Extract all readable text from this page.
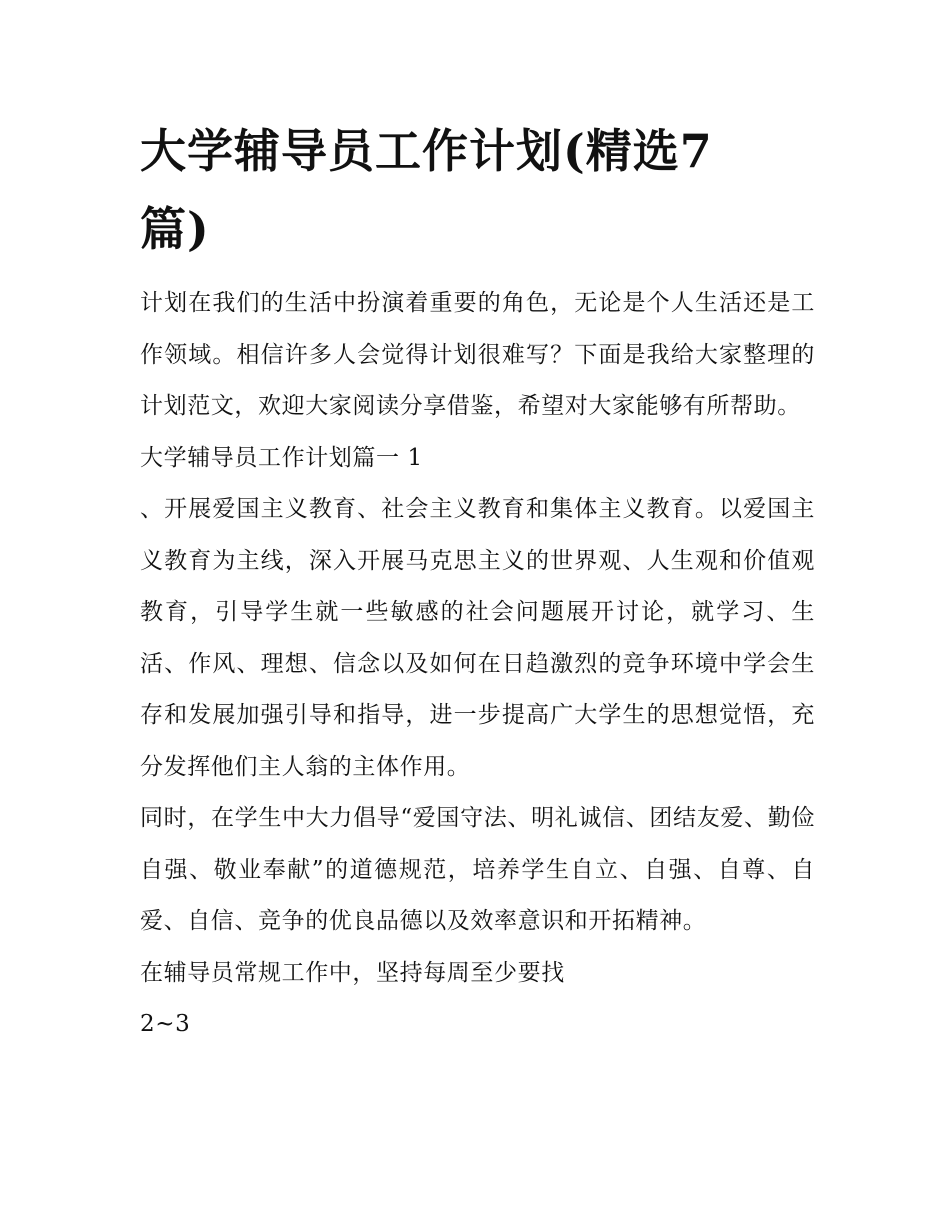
大学辅导员工作计划(精选7篇)

计划在我们的生活中扮演着重要的角色，无论是个人生活还是工作领域。相信许多人会觉得计划很难写？下面是我给大家整理的计划范文，欢迎大家阅读分享借鉴，希望对大家能够有所帮助。

大学辅导员工作计划篇一 1

、开展爱国主义教育、社会主义教育和集体主义教育。以爱国主义教育为主线，深入开展马克思主义的世界观、人生观和价值观教育，引导学生就一些敏感的社会问题展开讨论，就学习、生活、作风、理想、信念以及如何在日趋激烈的竞争环境中学会生存和发展加强引导和指导，进一步提高广大学生的思想觉悟，充分发挥他们主人翁的主体作用。

同时，在学生中大力倡导“爱国守法、明礼诚信、团结友爱、勤俭自强、敬业奉献”的道德规范，培养学生自立、自强、自尊、自爱、自信、竞争的优良品德以及效率意识和开拓精神。

在辅导员常规工作中，坚持每周至少要找

2~3
